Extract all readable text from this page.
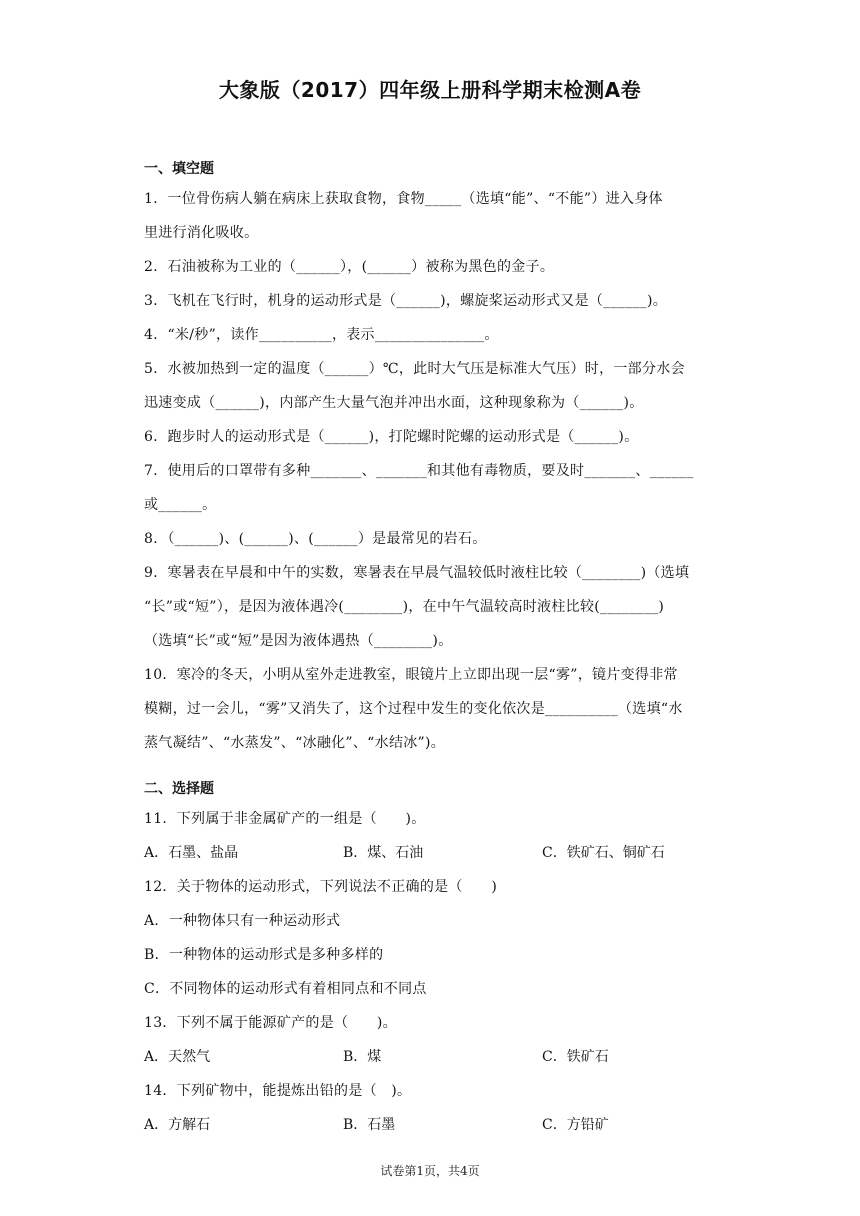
大象版（2017）四年级上册科学期末检测A卷
一、填空题
1．一位骨伤病人躺在病床上获取食物，食物_____（选填“能”、“不能”）进入身体
里进行消化吸收。
2．石油被称为工业的（______），(______）被称为黑色的金子。
3．飞机在飞行时，机身的运动形式是（______)，螺旋桨运动形式又是（______)。
4．“米/秒”，读作__________，表示_______________。
5．水被加热到一定的温度（______）℃，此时大气压是标准大气压）时，一部分水会
迅速变成（______)，内部产生大量气泡并冲出水面，这种现象称为（______)。
6．跑步时人的运动形式是（______)，打陀螺时陀螺的运动形式是（______)。
7．使用后的口罩带有多种_______、_______和其他有毒物质，要及时_______、______
或______。
8．（______)、(______)、(______）是最常见的岩石。
9．寒暑表在早晨和中午的实数，寒暑表在早晨气温较低时液柱比较（________)（选填
“长”或“短”），是因为液体遇冷(________)，在中午气温较高时液柱比较(________)
（选填“长”或“短”是因为液体遇热（________)。
10．寒冷的冬天，小明从室外走进教室，眼镜片上立即出现一层“雾”，镜片变得非常
模糊，过一会儿，“雾”又消失了，这个过程中发生的变化依次是__________（选填“水
蒸气凝结”、“水蒸发”、“冰融化”、“水结冰”)。
二、选择题
11．下列属于非金属矿产的一组是（　　)。
A．石墨、盐晶	B．煤、石油	C．铁矿石、铜矿石
12．关于物体的运动形式，下列说法不正确的是（　　)
A．一种物体只有一种运动形式
B．一种物体的运动形式是多种多样的
C．不同物体的运动形式有着相同点和不同点
13．下列不属于能源矿产的是（　　)。
A．天然气	B．煤	C．铁矿石
14．下列矿物中，能提炼出铅的是（　)。
A．方解石	B．石墨	C．方铅矿
试卷第1页，共4页
